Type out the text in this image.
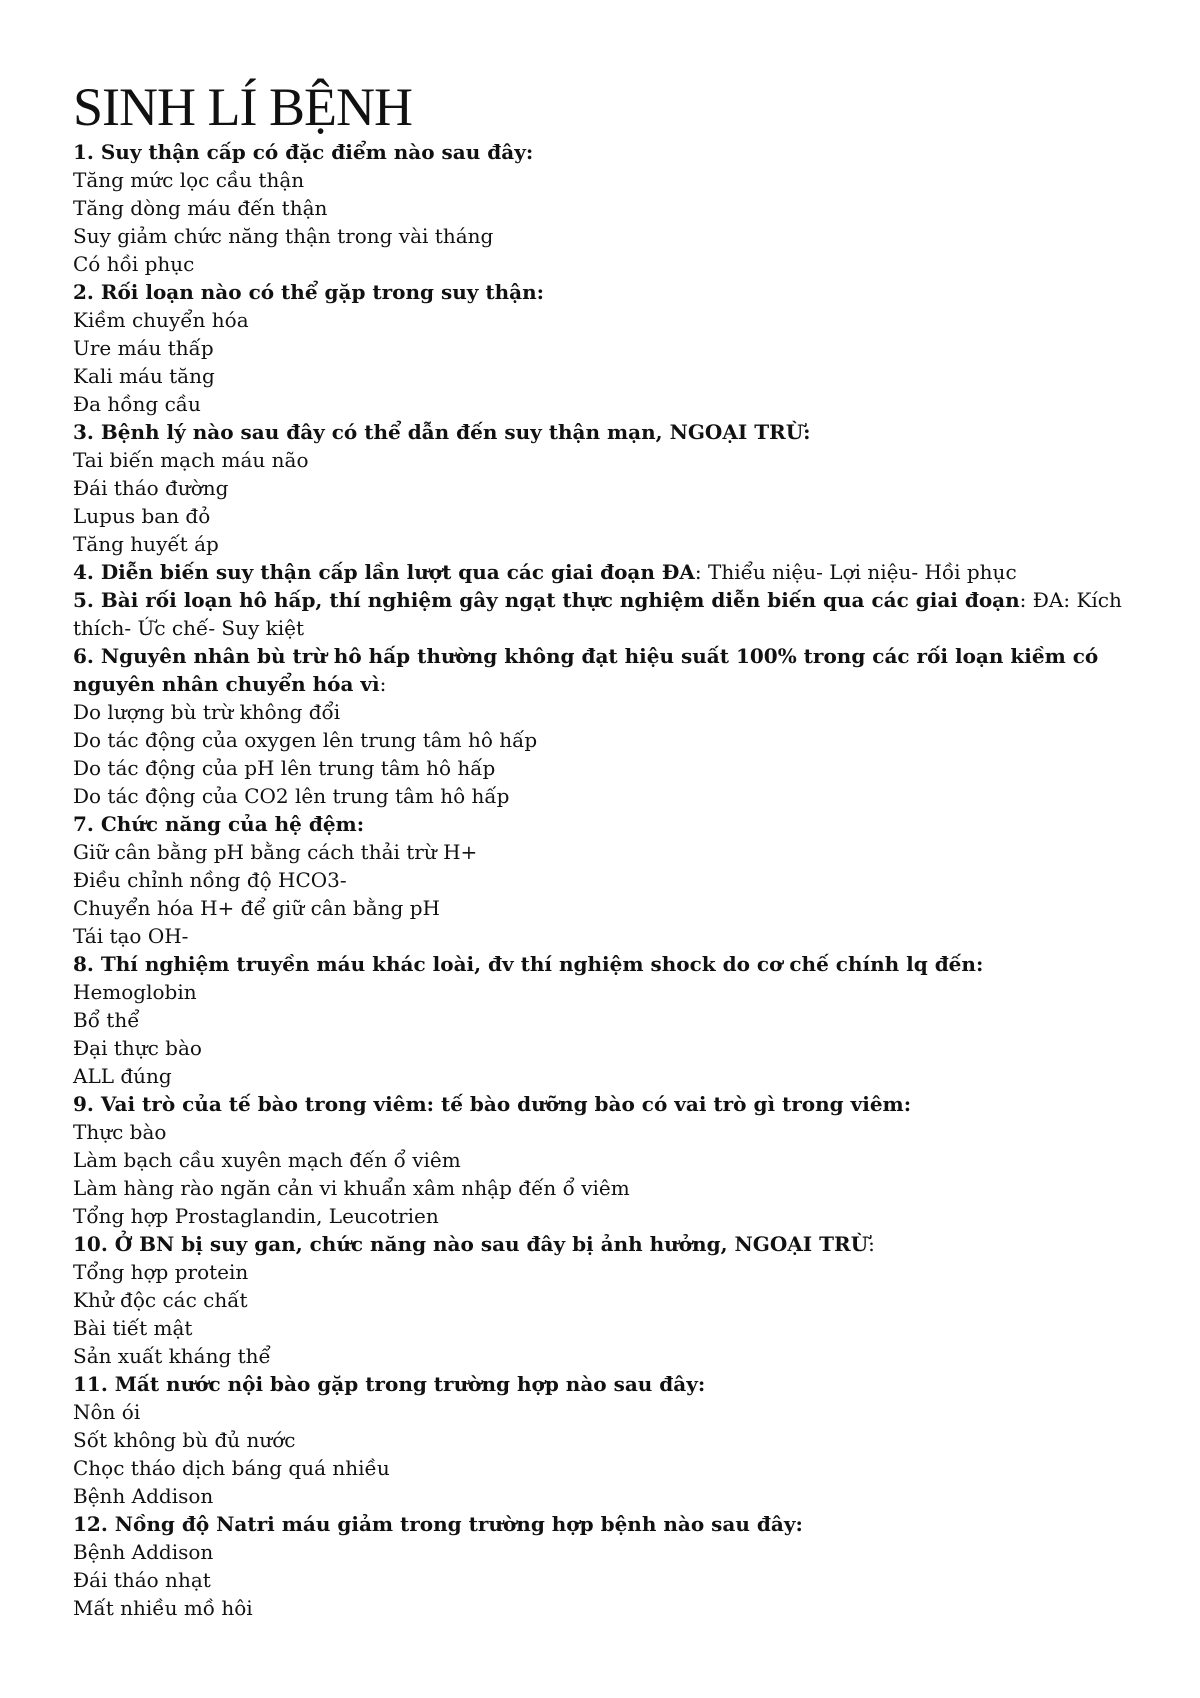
SINH LÍ BỆNH
1. Suy thận cấp có đặc điểm nào sau đây:
Tăng mức lọc cầu thận
Tăng dòng máu đến thận
Suy giảm chức năng thận trong vài tháng
Có hồi phục
2. Rối loạn nào có thể gặp trong suy thận:
Kiềm chuyển hóa
Ure máu thấp
Kali máu tăng
Đa hồng cầu
3. Bệnh lý nào sau đây có thể dẫn đến suy thận mạn, NGOẠI TRỪ:
Tai biến mạch máu não
Đái tháo đường
Lupus ban đỏ
Tăng huyết áp
4. Diễn biến suy thận cấp lần lượt qua các giai đoạn ĐA: Thiểu niệu- Lợi niệu- Hồi phục
5. Bài rối loạn hô hấp, thí nghiệm gây ngạt thực nghiệm diễn biến qua các giai đoạn: ĐA: Kích thích- Ức chế- Suy kiệt
6. Nguyên nhân bù trừ hô hấp thường không đạt hiệu suất 100% trong các rối loạn kiềm có nguyên nhân chuyển hóa vì:
Do lượng bù trừ không đổi
Do tác động của oxygen lên trung tâm hô hấp
Do tác động của pH lên trung tâm hô hấp
Do tác động của CO2 lên trung tâm hô hấp
7. Chức năng của hệ đệm:
Giữ cân bằng pH bằng cách thải trừ H+
Điều chỉnh nồng độ HCO3-
Chuyển hóa H+ để giữ cân bằng pH
Tái tạo OH-
8. Thí nghiệm truyền máu khác loài, đv thí nghiệm shock do cơ chế chính lq đến:
Hemoglobin
Bổ thể
Đại thực bào
ALL đúng
9. Vai trò của tế bào trong viêm: tế bào dưỡng bào có vai trò gì trong viêm:
Thực bào
Làm bạch cầu xuyên mạch đến ổ viêm
Làm hàng rào ngăn cản vi khuẩn xâm nhập đến ổ viêm
Tổng hợp Prostaglandin, Leucotrien
10. Ở BN bị suy gan, chức năng nào sau đây bị ảnh hưởng, NGOẠI TRỪ:
Tổng hợp protein
Khử độc các chất
Bài tiết mật
Sản xuất kháng thể
11. Mất nước nội bào gặp trong trường hợp nào sau đây:
Nôn ói
Sốt không bù đủ nước
Chọc tháo dịch báng quá nhiều
Bệnh Addison
12. Nồng độ Natri máu giảm trong trường hợp bệnh nào sau đây:
Bệnh Addison
Đái tháo nhạt
Mất nhiều mồ hôi
